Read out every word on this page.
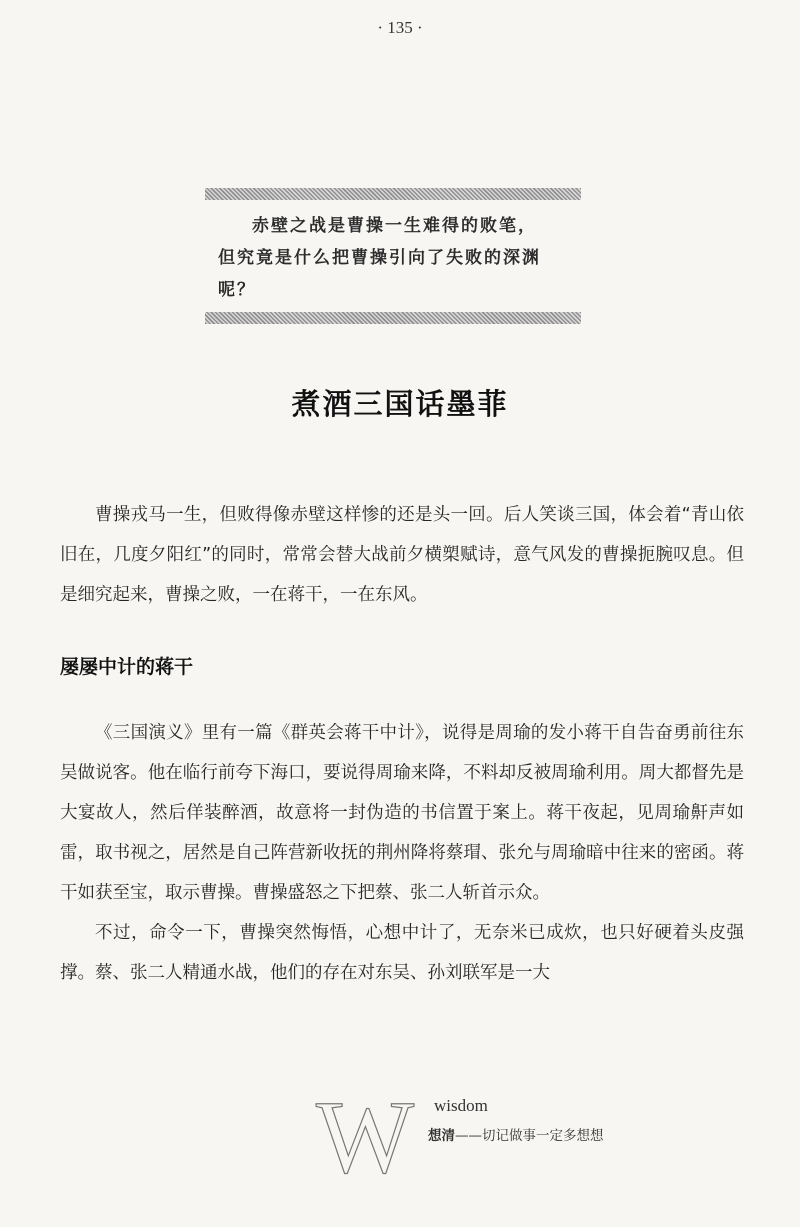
· 135 ·
赤壁之战是曹操一生难得的败笔，
但究竟是什么把曹操引向了失败的深渊
呢？
煮酒三国话墨菲

曹操戎马一生，但败得像赤壁这样惨的还是头一回。后人笑谈三国，体会着“青山依旧在，几度夕阳红”的同时，常常会替大战前夕横槊赋诗，意气风发的曹操扼腕叹息。但是细究起来，曹操之败，一在蒋干，一在东风。

屡屡中计的蒋干

《三国演义》里有一篇《群英会蒋干中计》，说得是周瑜的发小蒋干自告奋勇前往东吴做说客。他在临行前夸下海口，要说得周瑜来降，不料却反被周瑜利用。周大都督先是大宴故人，然后佯装醉酒，故意将一封伪造的书信置于案上。蒋干夜起，见周瑜鼾声如雷，取书视之，居然是自己阵营新收抚的荆州降将蔡瑁、张允与周瑜暗中往来的密函。蒋干如获至宝，取示曹操。曹操盛怒之下把蔡、张二人斩首示众。

不过，命令一下，曹操突然悔悟，心想中计了，无奈米已成炊，也只好硬着头皮强撑。蔡、张二人精通水战，他们的存在对东吴、孙刘联军是一大

W wisdom
想清——切记做事一定多想想
